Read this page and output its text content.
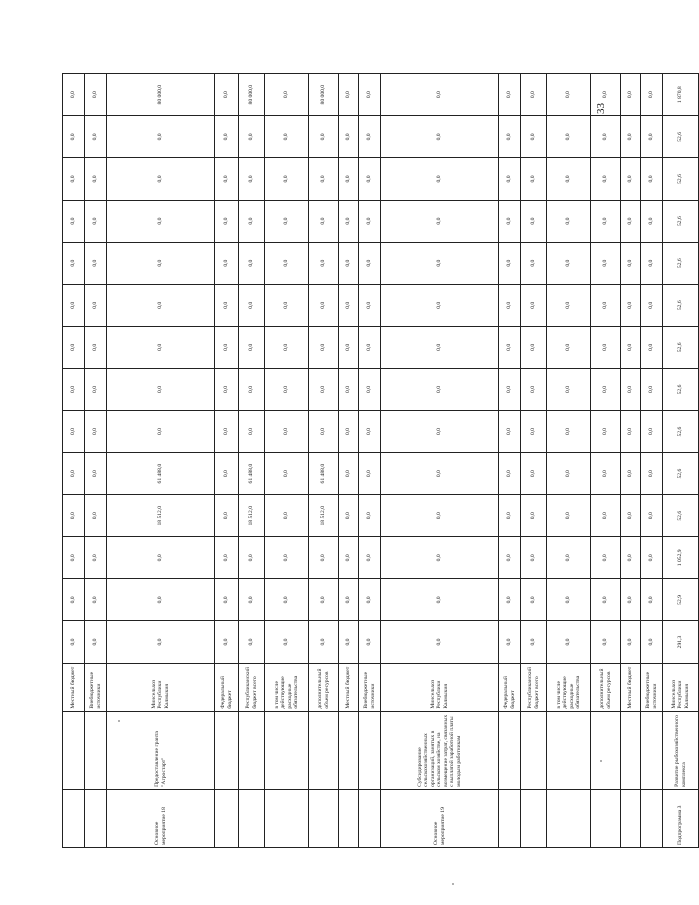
		Местный бюджет	0,0	0,0	0,0	0,0	0,0	0,0	0,0	0,0	0,0	0,0	0,0	0,0	0,0	0,0
		Внебюджетные источники	0,0	0,0	0,0	0,0	0,0	0,0	0,0	0,0	0,0	0,0	0,0	0,0	0,0	0,0
Основное мероприятие 18	Предоставление гранта "Агростарт"	Минсельхоз Республики Калмыкия	0,0	0,0	0,0	18 512,0	61 488,0	0,0	0,0	0,0	0,0	0,0	0,0	0,0	0,0	80 000,0
		Федеральный бюджет	0,0	0,0	0,0	0,0	0,0	0,0	0,0	0,0	0,0	0,0	0,0	0,0	0,0	0,0
		Республиканский бюджет всего	0,0	0,0	0,0	18 512,0	61 488,0	0,0	0,0	0,0	0,0	0,0	0,0	0,0	0,0	80 000,0
		в том числе действующие расходные обязательства	0,0	0,0	0,0	0,0	0,0	0,0	0,0	0,0	0,0	0,0	0,0	0,0	0,0	0,0
		дополнительный объем ресурсов	0,0	0,0	0,0	18 512,0	61 488,0	0,0	0,0	0,0	0,0	0,0	0,0	0,0	0,0	80 000,0
		Местный бюджет	0,0	0,0	0,0	0,0	0,0	0,0	0,0	0,0	0,0	0,0	0,0	0,0	0,0	0,0
		Внебюджетные источники	0,0	0,0	0,0	0,0	0,0	0,0	0,0	0,0	0,0	0,0	0,0	0,0	0,0	0,0
Основное мероприятие 19	Субсидирование сельскохозяйственных организаций, занятых в сельском хозяйстве, на возмещение затрат, связанных с выплатой заработной платы молодым работникам	Минсельхоз Республики Калмыкия	0,0	0,0	0,0	0,0	0,0	0,0	0,0	0,0	0,0	0,0	0,0	0,0	0,0	0,0
		Федеральный бюджет	0,0	0,0	0,0	0,0	0,0	0,0	0,0	0,0	0,0	0,0	0,0	0,0	0,0	0,0
		Республиканский бюджет всего	0,0	0,0	0,0	0,0	0,0	0,0	0,0	0,0	0,0	0,0	0,0	0,0	0,0	0,0
		в том числе действующие расходные обязательства	0,0	0,0	0,0	0,0	0,0	0,0	0,0	0,0	0,0	0,0	0,0	0,0	0,0	0,0
		дополнительный объем ресурсов	0,0	0,0	0,0	0,0	0,0	0,0	0,0	0,0	0,0	0,0	0,0	0,0	0,0	0,0
		Местный бюджет	0,0	0,0	0,0	0,0	0,0	0,0	0,0	0,0	0,0	0,0	0,0	0,0	0,0	0,0
		Внебюджетные источники	0,0	0,0	0,0	0,0	0,0	0,0	0,0	0,0	0,0	0,0	0,0	0,0	0,0	0,0
Подпрограмма 3	Развитие рыбохозяйственного комплекса	Минсельхоз Республики Калмыкия	291,3	52,9	1 052,9	52,6	52,6	52,6	52,6	52,6	52,6	52,6	52,6	52,6	52,6	1 870,8
33
